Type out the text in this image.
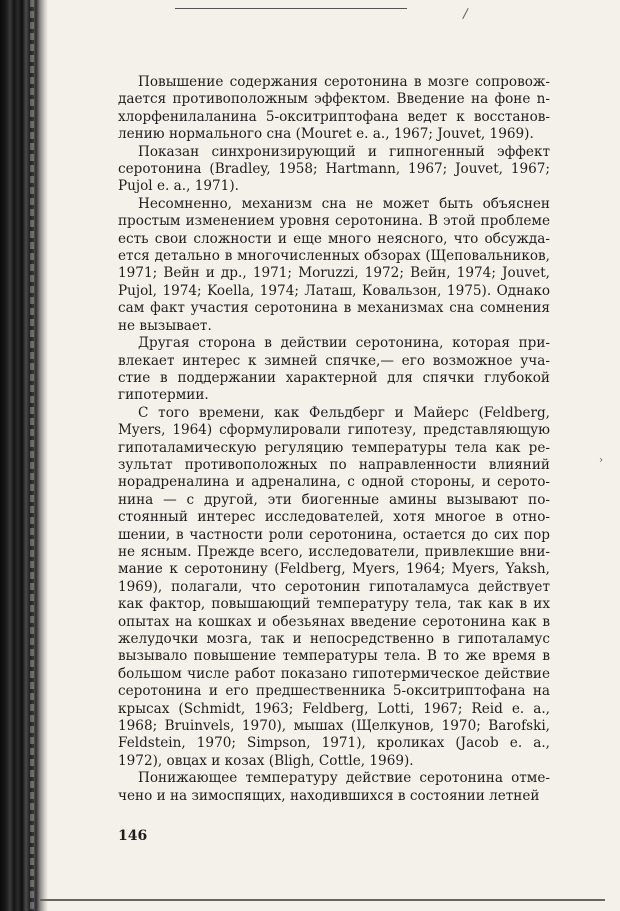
/
›

Повышение содержания серотонина в мозге сопровождается противоположным эффектом. Введение на фоне n-хлорфенилаланина 5-окситриптофана ведет к восстановлению нормального сна (Mouret e. a., 1967; Jouvet, 1969).

Показан синхронизирующий и гипногенный эффект серотонина (Bradley, 1958; Hartmann, 1967; Jouvet, 1967; Pujol e. a., 1971).

Несомненно, механизм сна не может быть объяснен простым изменением уровня серотонина. В этой проблеме есть свои сложности и еще много неясного, что обсуждается детально в многочисленных обзорах (Щеповальников, 1971; Вейн и др., 1971; Moruzzi, 1972; Вейн, 1974; Jouvet, Pujol, 1974; Koella, 1974; Латаш, Ковальзон, 1975). Однако сам факт участия серотонина в механизмах сна сомнения не вызывает.

Другая сторона в действии серотонина, которая привлекает интерес к зимней спячке,— его возможное участие в поддержании характерной для спячки глубокой гипотермии.

С того времени, как Фельдберг и Майерс (Feldberg, Myers, 1964) сформулировали гипотезу, представляющую гипоталамическую регуляцию температуры тела как результат противоположных по направленности влияний норадреналина и адреналина, с одной стороны, и серотонина — с другой, эти биогенные амины вызывают постоянный интерес исследователей, хотя многое в отношении, в частности роли серотонина, остается до сих пор не ясным. Прежде всего, исследователи, привлекшие внимание к серотонину (Feldberg, Myers, 1964; Myers, Yaksh, 1969), полагали, что серотонин гипоталамуса действует как фактор, повышающий температуру тела, так как в их опытах на кошках и обезьянах введение серотонина как в желудочки мозга, так и непосредственно в гипоталамус вызывало повышение температуры тела. В то же время в большом числе работ показано гипотермическое действие серотонина и его предшественника 5-окситриптофана на крысах (Schmidt, 1963; Feldberg, Lotti, 1967; Reid e. a., 1968; Bruinvels, 1970), мышах (Щелкунов, 1970; Barofski, Feldstein, 1970; Simpson, 1971), кроликах (Jacob e. a., 1972), овцах и козах (Bligh, Cottle, 1969).

Понижающее температуру действие серотонина отмечено и на зимоспящих, находившихся в состоянии летней

146
